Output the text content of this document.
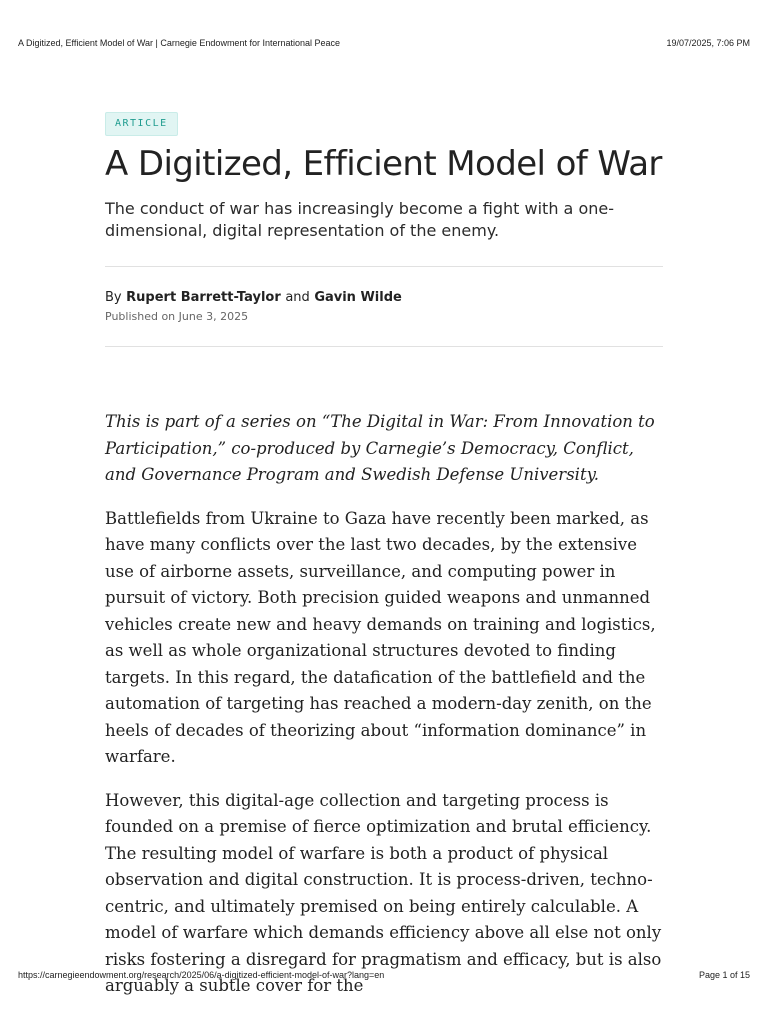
A Digitized, Efficient Model of War | Carnegie Endowment for International Peace	19/07/2025, 7:06 PM
ARTICLE
A Digitized, Efficient Model of War

The conduct of war has increasingly become a fight with a one-dimensional, digital representation of the enemy.

By Rupert Barrett-Taylor and Gavin Wilde
Published on June 3, 2025

This is part of a series on “The Digital in War: From Innovation to Participation,” co-produced by Carnegie’s Democracy, Conflict, and Governance Program and Swedish Defense University.

Battlefields from Ukraine to Gaza have recently been marked, as have many conflicts over the last two decades, by the extensive use of airborne assets, surveillance, and computing power in pursuit of victory. Both precision guided weapons and unmanned vehicles create new and heavy demands on training and logistics, as well as whole organizational structures devoted to finding targets. In this regard, the datafication of the battlefield and the automation of targeting has reached a modern-day zenith, on the heels of decades of theorizing about “information dominance” in warfare.

However, this digital-age collection and targeting process is founded on a premise of fierce optimization and brutal efficiency. The resulting model of warfare is both a product of physical observation and digital construction. It is process-driven, techno-centric, and ultimately premised on being entirely calculable. A model of warfare which demands efficiency above all else not only risks fostering a disregard for pragmatism and efficacy, but is also arguably a subtle cover for the

https://carnegieendowment.org/research/2025/06/a-digitized-efficient-model-of-war?lang=en	Page 1 of 15
